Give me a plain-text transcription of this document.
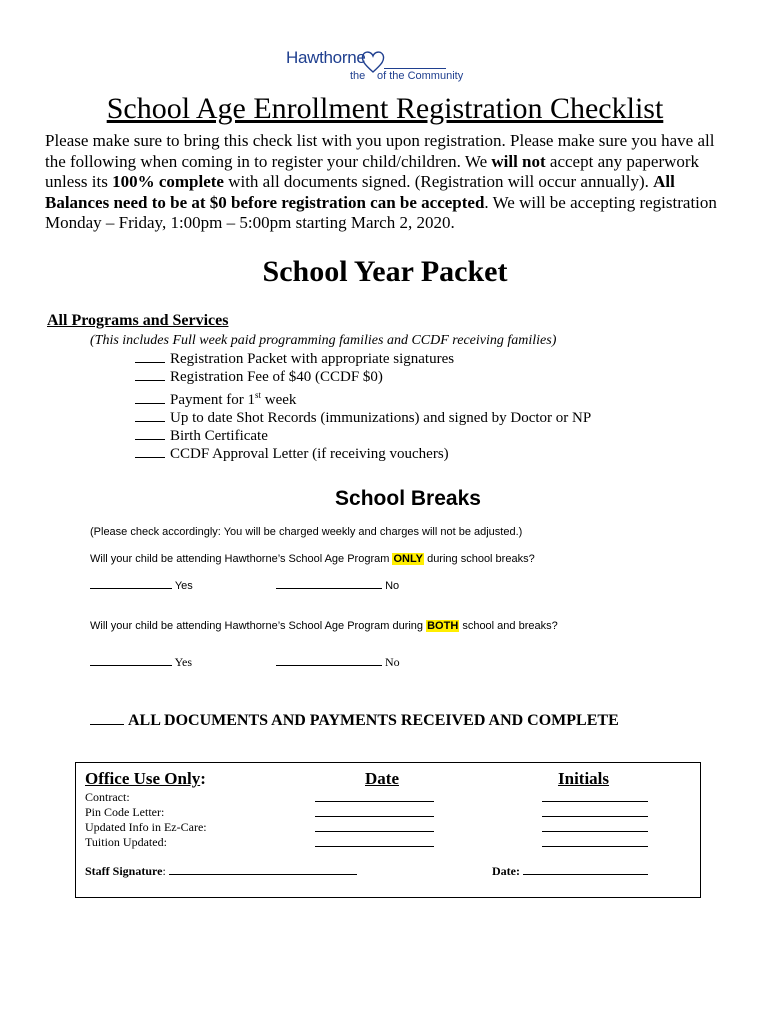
Hawthorne
the of the Community
School Age Enrollment Registration Checklist
Please make sure to bring this check list with you upon registration. Please make sure you have all the following when coming in to register your child/children. We will not accept any paperwork unless its 100% complete with all documents signed. (Registration will occur annually). All Balances need to be at $0 before registration can be accepted. We will be accepting registration Monday – Friday, 1:00pm – 5:00pm starting March 2, 2020.
School Year Packet
All Programs and Services
(This includes Full week paid programming families and CCDF receiving families)
Registration Packet with appropriate signatures
Registration Fee of $40 (CCDF $0)
Payment for 1st week
Up to date Shot Records (immunizations) and signed by Doctor or NP
Birth Certificate
CCDF Approval Letter (if receiving vouchers)
School Breaks
(Please check accordingly: You will be charged weekly and charges will not be adjusted.)
Will your child be attending Hawthorne’s School Age Program ONLY during school breaks?
Yes	No
Will your child be attending Hawthorne’s School Age Program during BOTH school and breaks?
Yes	No
ALL DOCUMENTS AND PAYMENTS RECEIVED AND COMPLETE
Office Use Only:	Date	Initials
Contract:
Pin Code Letter:
Updated Info in Ez-Care:
Tuition Updated:
Staff Signature:	Date:
